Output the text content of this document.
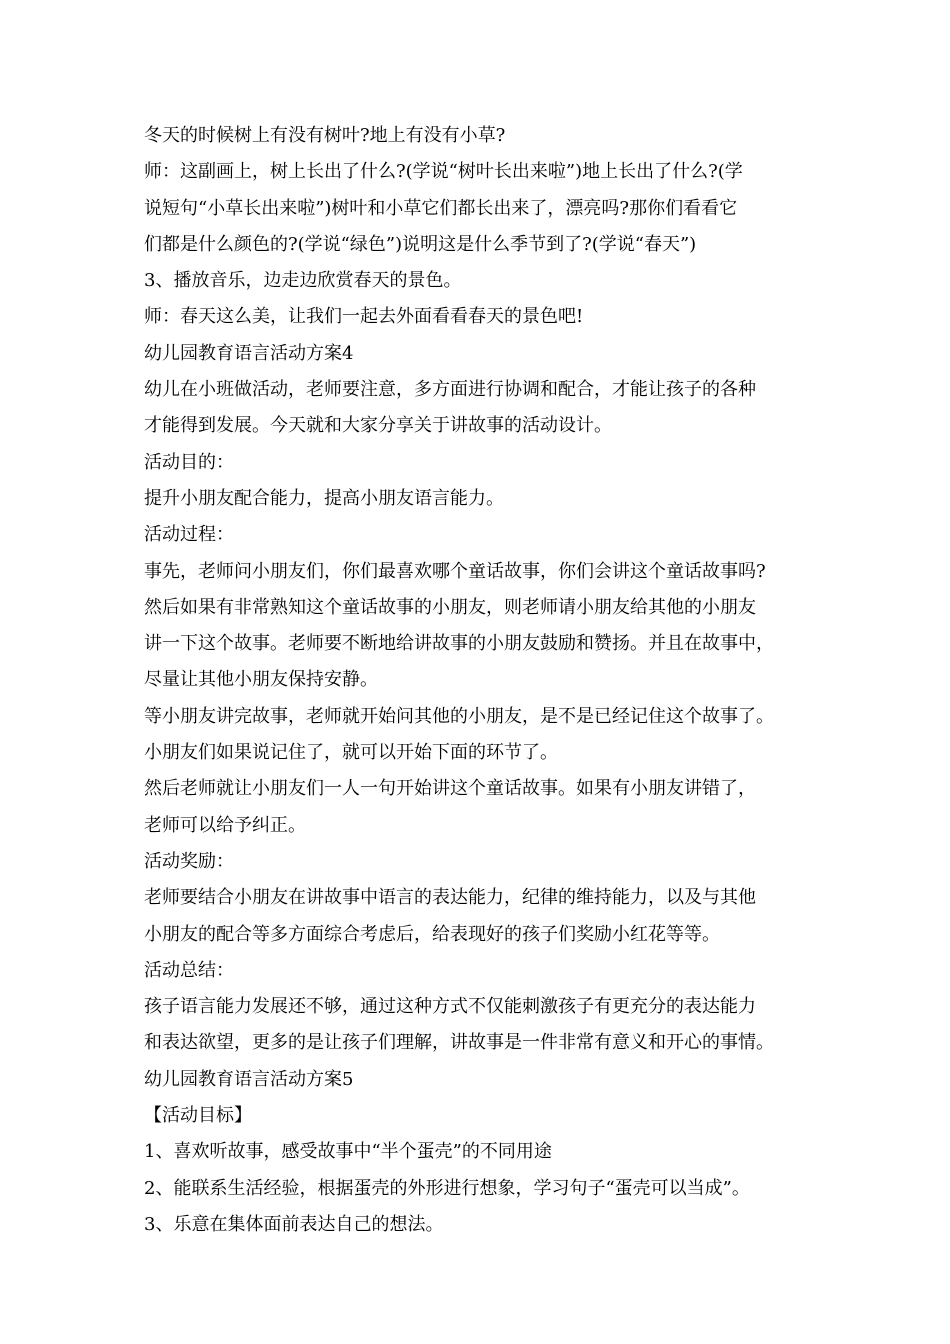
冬天的时候树上有没有树叶?地上有没有小草?
师：这副画上，树上长出了什么?(学说“树叶长出来啦”)地上长出了什么?(学
说短句“小草长出来啦”)树叶和小草它们都长出来了，漂亮吗?那你们看看它
们都是什么颜色的?(学说“绿色”)说明这是什么季节到了?(学说“春天”)
3、播放音乐，边走边欣赏春天的景色。
师：春天这么美，让我们一起去外面看看春天的景色吧!
幼儿园教育语言活动方案4
幼儿在小班做活动，老师要注意，多方面进行协调和配合，才能让孩子的各种
才能得到发展。今天就和大家分享关于讲故事的活动设计。
活动目的：
提升小朋友配合能力，提高小朋友语言能力。
活动过程：
事先，老师问小朋友们，你们最喜欢哪个童话故事，你们会讲这个童话故事吗?
然后如果有非常熟知这个童话故事的小朋友，则老师请小朋友给其他的小朋友
讲一下这个故事。老师要不断地给讲故事的小朋友鼓励和赞扬。并且在故事中，
尽量让其他小朋友保持安静。
等小朋友讲完故事，老师就开始问其他的小朋友，是不是已经记住这个故事了。
小朋友们如果说记住了，就可以开始下面的环节了。
然后老师就让小朋友们一人一句开始讲这个童话故事。如果有小朋友讲错了，
老师可以给予纠正。
活动奖励：
老师要结合小朋友在讲故事中语言的表达能力，纪律的维持能力，以及与其他
小朋友的配合等多方面综合考虑后，给表现好的孩子们奖励小红花等等。
活动总结：
孩子语言能力发展还不够，通过这种方式不仅能刺激孩子有更充分的表达能力
和表达欲望，更多的是让孩子们理解，讲故事是一件非常有意义和开心的事情。
幼儿园教育语言活动方案5
【活动目标】
1、喜欢听故事，感受故事中“半个蛋壳”的不同用途
2、能联系生活经验，根据蛋壳的外形进行想象，学习句子“蛋壳可以当成”。
3、乐意在集体面前表达自己的想法。
